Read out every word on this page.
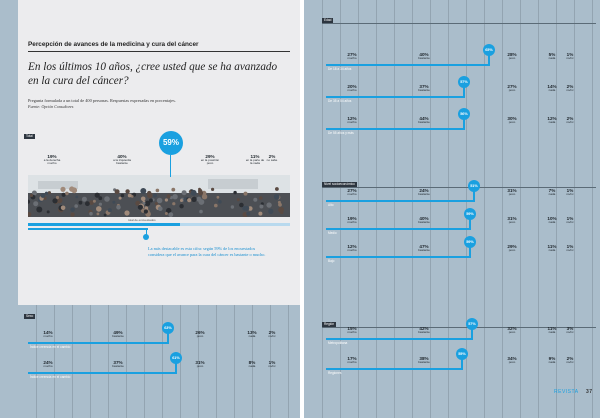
Percepción de avances de la medicina y cura del cáncer
En los últimos 10 años, ¿cree usted que se ha avanzado en la cura del cáncer?
Pregunta formulada a un total de 400 personas. Respuestas expresadas en porcentajes.
Fuente: Opción Consultores
Total
total de encuestados
La más destacable es esta cifra: según 59% de los encuestados considera que el avance para la cura del cáncer es bastante o mucho.
19%
a la derecha mucho
40%
a la izquierda bastante
29%
en la posición poco
11%
en la parte de la nada
2%
no sabe
59%
Sexo
14%
mucho
49%
bastante
26%
poco
13%
nada
2%
ns/nc
63%
Índice creencia en el cambio
24%
mucho
37%
bastante
31%
poco
8%
nada
1%
ns/nc
61%
Índice creencia en el cambio
Edad
27%
mucho
40%
bastante
28%
poco
5%
nada
1%
ns/nc
65%
De 18 a 34 años
20%
mucho
37%
bastante
27%
poco
14%
nada
2%
ns/nc
57%
De 35 a 54 años
12%
mucho
44%
bastante
30%
poco
12%
nada
2%
ns/nc
56%
De 55 años y más
Nivel socioeconómico
27%
mucho
24%
bastante
31%
poco
7%
nada
1%
ns/nc
51%
Alto
19%
mucho
40%
bastante
31%
poco
10%
nada
1%
ns/nc
59%
Medio
12%
mucho
47%
bastante
29%
poco
11%
nada
1%
ns/nc
59%
Bajo
Región
15%
mucho
42%
bastante
32%
poco
11%
nada
3%
ns/nc
57%
Metropolitana
17%
mucho
38%
bastante
34%
poco
9%
nada
2%
ns/nc
55%
Regiones
REVISTA 37
